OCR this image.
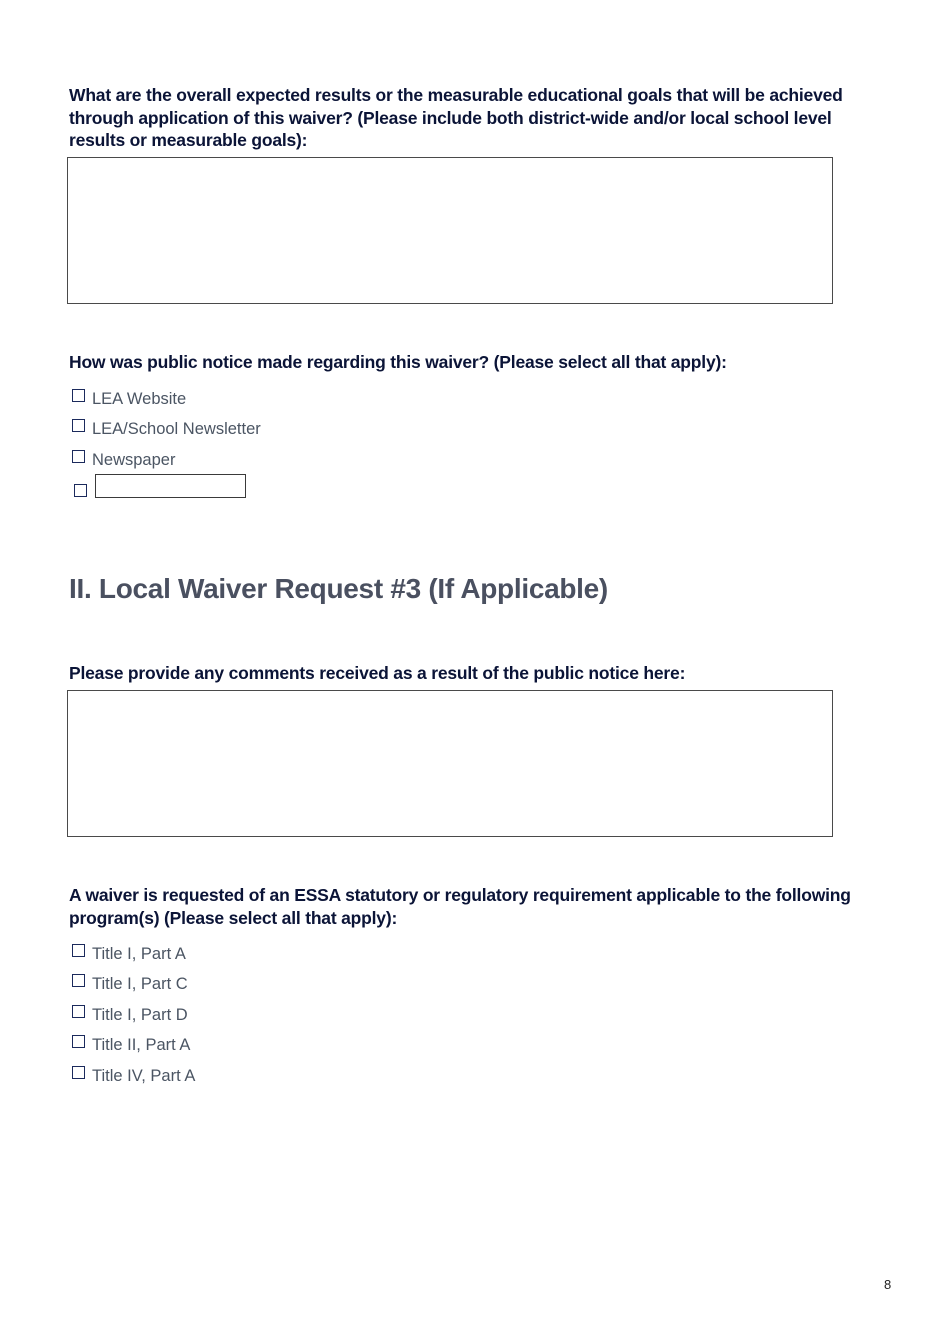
What are the overall expected results or the measurable educational goals that will be achieved through application of this waiver? (Please include both district-wide and/or local school level results or measurable goals):

How was public notice made regarding this waiver? (Please select all that apply):

LEA Website
LEA/School Newsletter
Newspaper
II. Local Waiver Request #3 (If Applicable)

Please provide any comments received as a result of the public notice here:

A waiver is requested of an ESSA statutory or regulatory requirement applicable to the following program(s) (Please select all that apply):

Title I, Part A
Title I, Part C
Title I, Part D
Title II, Part A
Title IV, Part A
8
